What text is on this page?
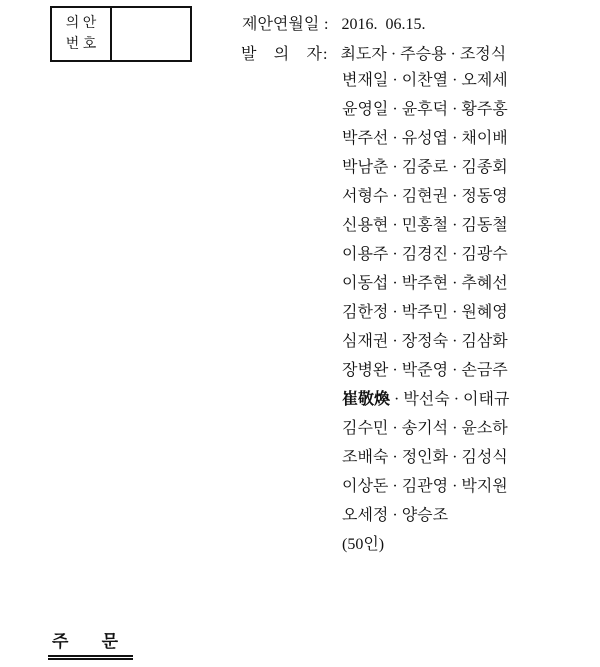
의 안
번 호
제안연월일 : 2016.  06.15.
발 의 자 : 최도자 · 주승용 · 조정식
변재일 · 이찬열 · 오제세
윤영일 · 윤후덕 · 황주홍
박주선 · 유성엽 · 채이배
박남춘 · 김중로 · 김종회
서형수 · 김현권 · 정동영
신용현 · 민홍철 · 김동철
이용주 · 김경진 · 김광수
이동섭 · 박주현 · 추혜선
김한정 · 박주민 · 원혜영
심재권 · 장정숙 · 김삼화
장병완 · 박준영 · 손금주
崔敬煥 · 박선숙 · 이태규
김수민 · 송기석 · 윤소하
조배숙 · 정인화 · 김성식
이상돈 · 김관영 · 박지원
오세정 · 양승조
(50인)
주 문
